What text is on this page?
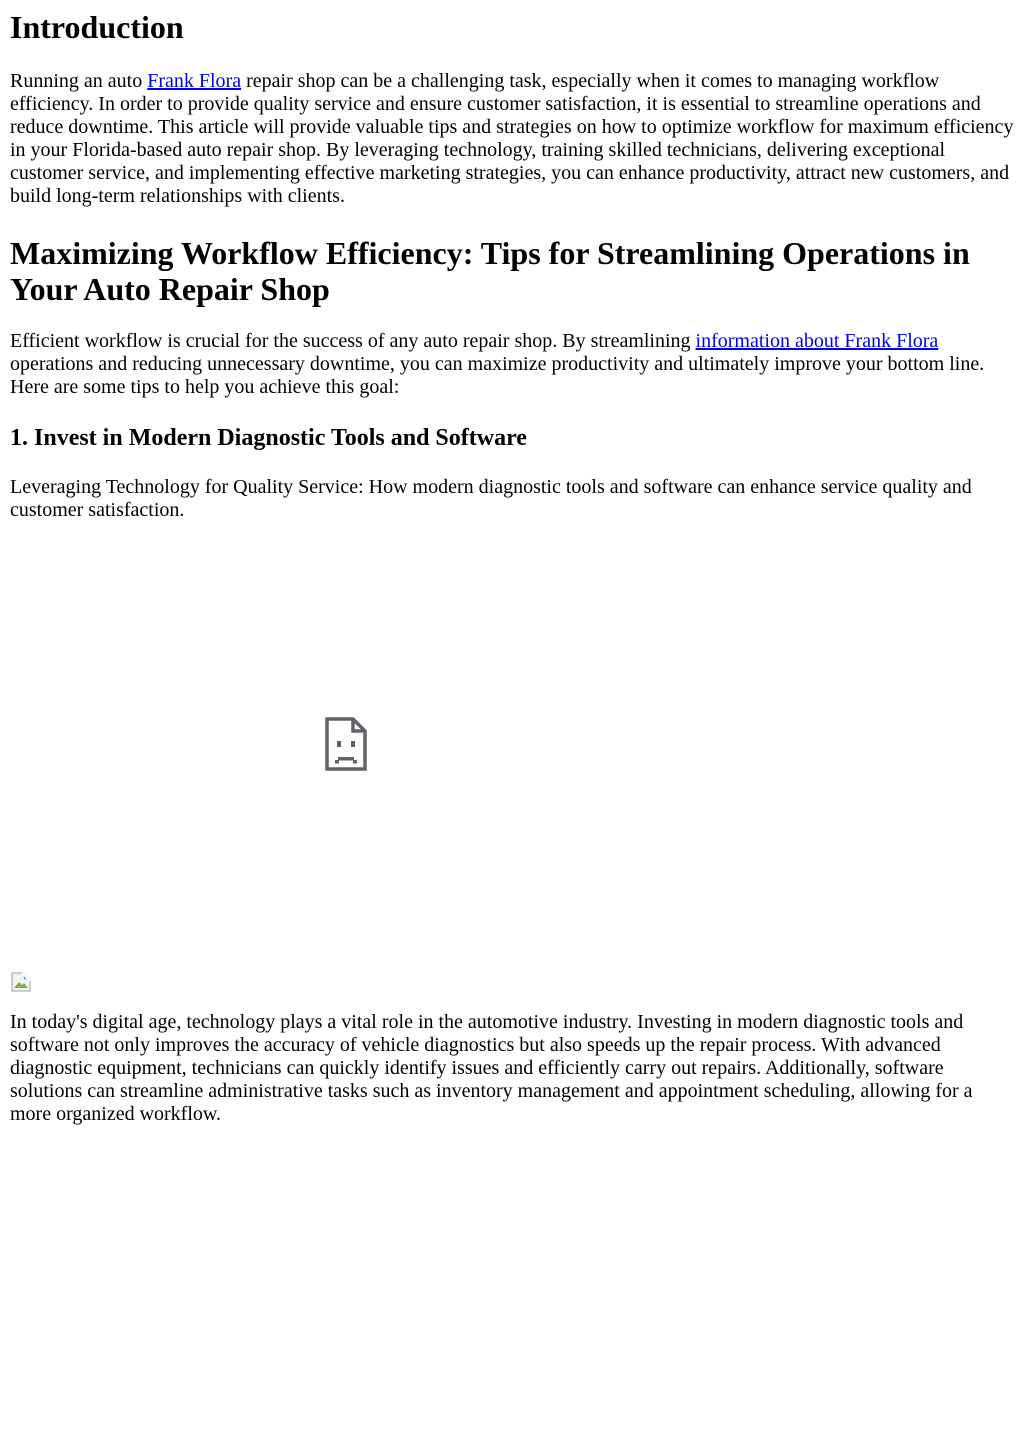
Introduction

Running an auto Frank Flora repair shop can be a challenging task, especially when it comes to managing workflow efficiency. In order to provide quality service and ensure customer satisfaction, it is essential to streamline operations and reduce downtime. This article will provide valuable tips and strategies on how to optimize workflow for maximum efficiency in your Florida-based auto repair shop. By leveraging technology, training skilled technicians, delivering exceptional customer service, and implementing effective marketing strategies, you can enhance productivity, attract new customers, and build long-term relationships with clients.

Maximizing Workflow Efficiency: Tips for Streamlining Operations in Your Auto Repair Shop

Efficient workflow is crucial for the success of any auto repair shop. By streamlining information about Frank Flora operations and reducing unnecessary downtime, you can maximize productivity and ultimately improve your bottom line. Here are some tips to help you achieve this goal:

1. Invest in Modern Diagnostic Tools and Software

Leveraging Technology for Quality Service: How modern diagnostic tools and software can enhance service quality and customer satisfaction.

In today's digital age, technology plays a vital role in the automotive industry. Investing in modern diagnostic tools and software not only improves the accuracy of vehicle diagnostics but also speeds up the repair process. With advanced diagnostic equipment, technicians can quickly identify issues and efficiently carry out repairs. Additionally, software solutions can streamline administrative tasks such as inventory management and appointment scheduling, allowing for a more organized workflow.
